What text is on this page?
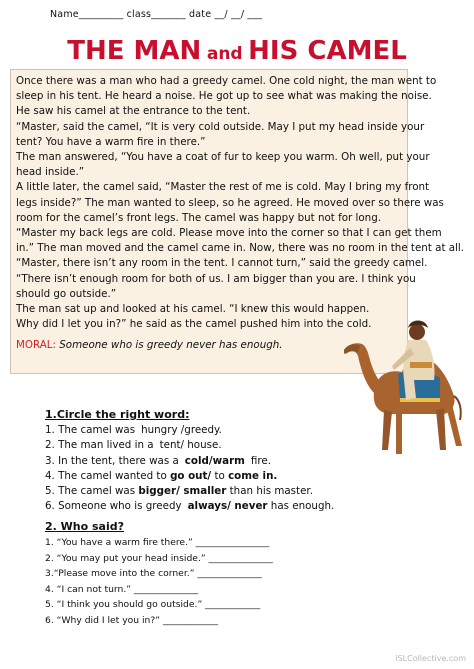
Name_________ class_______ date __/ __/ ___
THE MAN and HIS CAMEL

Once there was a man who had a greedy camel. One cold night, the man went to

sleep in his tent. He heard a noise. He got up to see what was making the noise.

He saw his camel at the entrance to the tent.

“Master, said the camel, “It is very cold outside. May I put my head inside your

tent? You have a warm fire in there.”

The man answered, “You have a coat of fur to keep you warm. Oh well, put your

head inside.”

A little later, the camel said, “Master the rest of me is cold. May I bring my front

legs inside?” The man wanted to sleep, so he agreed. He moved over so there was

room for the camel’s front legs. The camel was happy but not for long.

“Master my back legs are cold. Please move into the corner so that I can get them

in.” The man moved and the camel came in. Now, there was no room in the tent at all.

“Master, there isn’t any room in the tent. I cannot turn,” said the greedy camel.

“There isn’t enough room for both of us. I am bigger than you are. I think you

should go outside.”

The man sat up and looked at his camel. “I knew this would happen.

Why did I let you in?” he said as the camel pushed him into the cold.

MORAL: Someone who is greedy never has enough.

1.Circle the right word:
1. The camel was hungry /greedy.
2. The man lived in a tent/ house.
3. In the tent, there was a cold/warm fire.
4. The camel wanted to go out/ to come in.
5. The camel was bigger/ smaller than his master.
6. Someone who is greedy always/ never has enough.
2. Who said?
1. “You have a warm fire there.” ________________
2. “You may put your head inside.” ______________
3.“Please move into the corner.” ______________
4. “I can not turn.” ______________
5. “I think you should go outside.” ____________
6. “Why did I let you in?” ____________
iSLCollective.com
